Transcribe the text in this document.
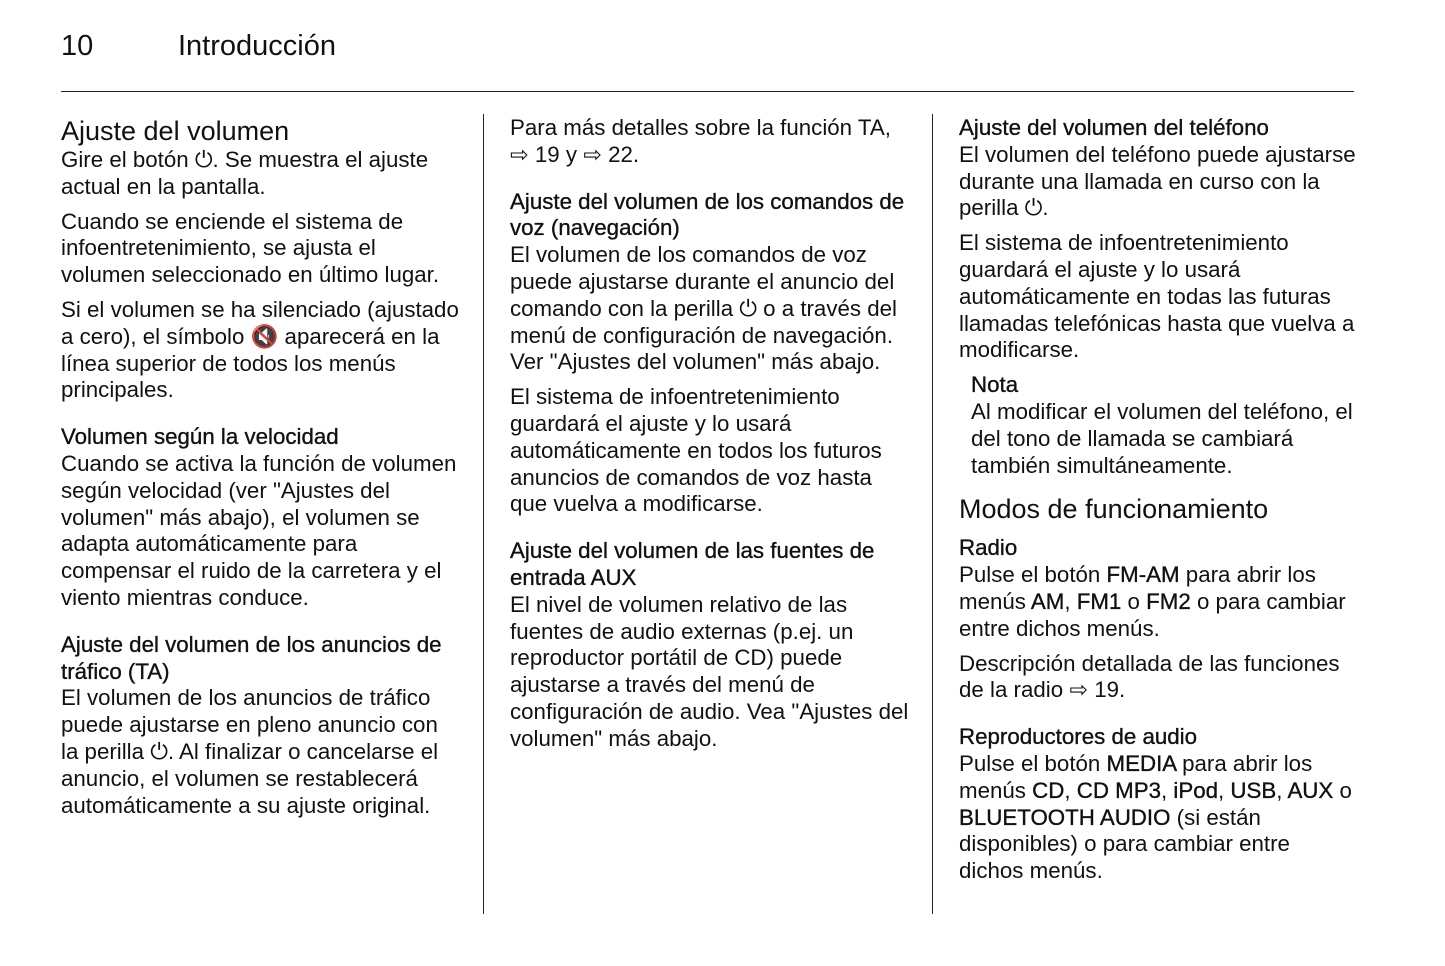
10	Introducción
Ajuste del volumen

Gire el botón ⏻. Se muestra el ajuste actual en la pantalla.

Cuando se enciende el sistema de infoentretenimiento, se ajusta el volumen seleccionado en último lugar.

Si el volumen se ha silenciado (ajustado a cero), el símbolo 🔇 aparecerá en la línea superior de todos los menús principales.

Volumen según la velocidad

Cuando se activa la función de volumen según velocidad (ver "Ajustes del volumen" más abajo), el volumen se adapta automáticamente para compensar el ruido de la carretera y el viento mientras conduce.

Ajuste del volumen de los anuncios de tráfico (TA)

El volumen de los anuncios de tráfico puede ajustarse en pleno anuncio con la perilla ⏻. Al finalizar o cancelarse el anuncio, el volumen se restablecerá automáticamente a su ajuste original.

Para más detalles sobre la función TA, ⇨ 19 y ⇨ 22.

Ajuste del volumen de los comandos de voz (navegación)

El volumen de los comandos de voz puede ajustarse durante el anuncio del comando con la perilla ⏻ o a través del menú de configuración de navegación. Ver "Ajustes del volumen" más abajo.

El sistema de infoentretenimiento guardará el ajuste y lo usará automáticamente en todos los futuros anuncios de comandos de voz hasta que vuelva a modificarse.

Ajuste del volumen de las fuentes de entrada AUX

El nivel de volumen relativo de las fuentes de audio externas (p.ej. un reproductor portátil de CD) puede ajustarse a través del menú de configuración de audio. Vea "Ajustes del volumen" más abajo.

Ajuste del volumen del teléfono

El volumen del teléfono puede ajustarse durante una llamada en curso con la perilla ⏻.

El sistema de infoentretenimiento guardará el ajuste y lo usará automáticamente en todas las futuras llamadas telefónicas hasta que vuelva a modificarse.

Nota

Al modificar el volumen del teléfono, el del tono de llamada se cambiará también simultáneamente.

Modos de funcionamiento
Radio

Pulse el botón FM-AM para abrir los menús AM, FM1 o FM2 o para cambiar entre dichos menús.

Descripción detallada de las funciones de la radio ⇨ 19.

Reproductores de audio

Pulse el botón MEDIA para abrir los menús CD, CD MP3, iPod, USB, AUX o BLUETOOTH AUDIO (si están disponibles) o para cambiar entre dichos menús.
